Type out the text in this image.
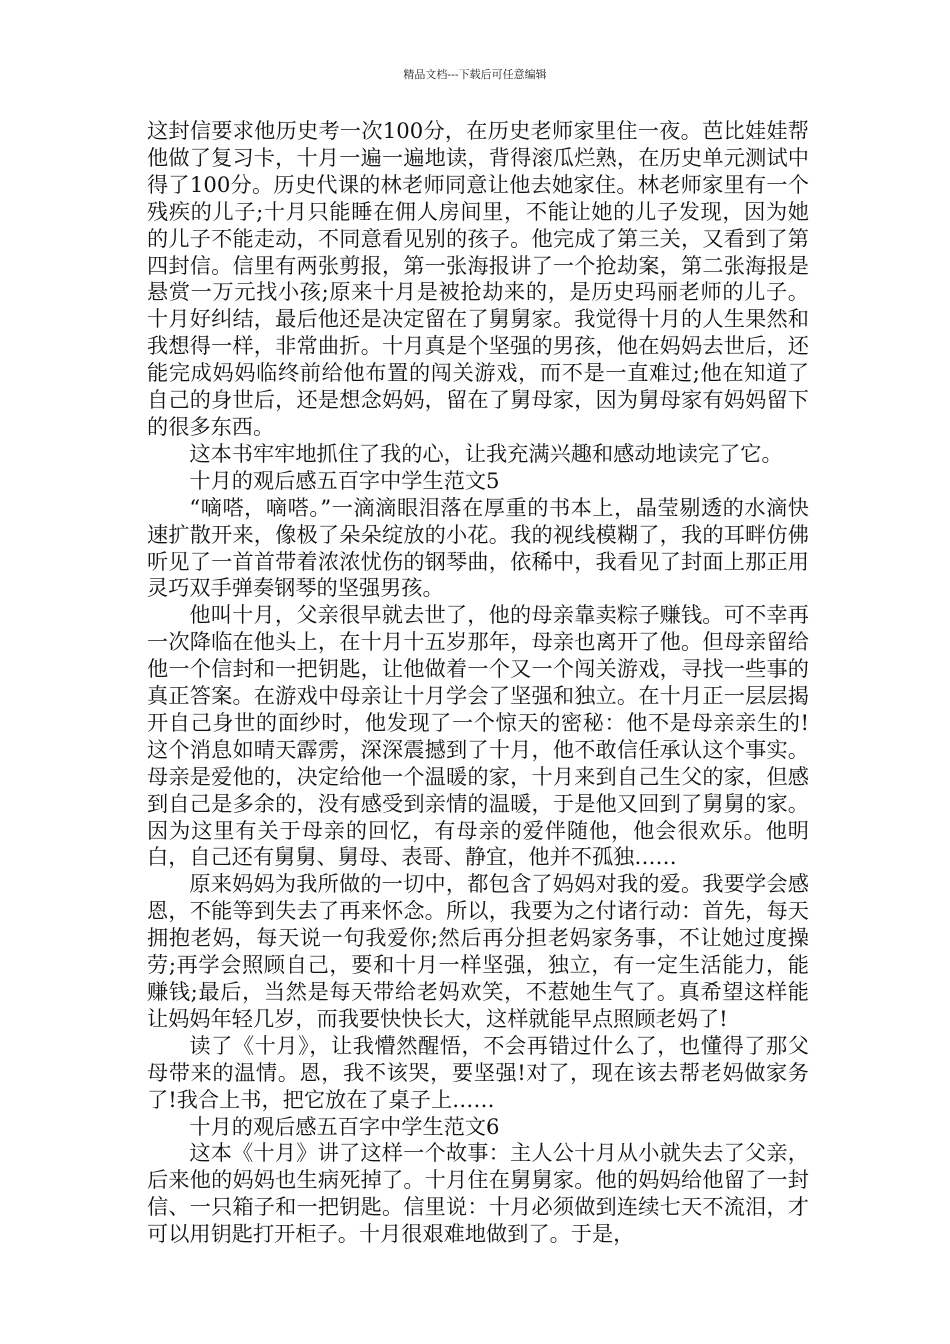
精品文档---下载后可任意编辑

这封信要求他历史考一次100分，在历史老师家里住一夜。芭比娃娃帮他做了复习卡，十月一遍一遍地读，背得滚瓜烂熟，在历史单元测试中得了100分。历史代课的林老师同意让他去她家住。林老师家里有一个残疾的儿子;十月只能睡在佣人房间里，不能让她的儿子发现，因为她的儿子不能走动，不同意看见别的孩子。他完成了第三关，又看到了第四封信。信里有两张剪报，第一张海报讲了一个抢劫案，第二张海报是悬赏一万元找小孩;原来十月是被抢劫来的，是历史玛丽老师的儿子。十月好纠结，最后他还是决定留在了舅舅家。我觉得十月的人生果然和我想得一样，非常曲折。十月真是个坚强的男孩，他在妈妈去世后，还能完成妈妈临终前给他布置的闯关游戏，而不是一直难过;他在知道了自己的身世后，还是想念妈妈，留在了舅母家，因为舅母家有妈妈留下的很多东西。

这本书牢牢地抓住了我的心，让我充满兴趣和感动地读完了它。

十月的观后感五百字中学生范文5

“嘀嗒，嘀嗒。”一滴滴眼泪落在厚重的书本上，晶莹剔透的水滴快速扩散开来，像极了朵朵绽放的小花。我的视线模糊了，我的耳畔仿佛听见了一首首带着浓浓忧伤的钢琴曲，依稀中，我看见了封面上那正用灵巧双手弹奏钢琴的坚强男孩。

他叫十月，父亲很早就去世了，他的母亲靠卖粽子赚钱。可不幸再一次降临在他头上，在十月十五岁那年，母亲也离开了他。但母亲留给他一个信封和一把钥匙，让他做着一个又一个闯关游戏，寻找一些事的真正答案。在游戏中母亲让十月学会了坚强和独立。在十月正一层层揭开自己身世的面纱时，他发现了一个惊天的密秘：他不是母亲亲生的!这个消息如晴天霹雳，深深震撼到了十月，他不敢信任承认这个事实。母亲是爱他的，决定给他一个温暖的家，十月来到自己生父的家，但感到自己是多余的，没有感受到亲情的温暖，于是他又回到了舅舅的家。因为这里有关于母亲的回忆，有母亲的爱伴随他，他会很欢乐。他明白，自己还有舅舅、舅母、表哥、静宜，他并不孤独……

原来妈妈为我所做的一切中，都包含了妈妈对我的爱。我要学会感恩，不能等到失去了再来怀念。所以，我要为之付诸行动：首先，每天拥抱老妈，每天说一句我爱你;然后再分担老妈家务事，不让她过度操劳;再学会照顾自己，要和十月一样坚强，独立，有一定生活能力，能赚钱;最后，当然是每天带给老妈欢笑，不惹她生气了。真希望这样能让妈妈年轻几岁，而我要快快长大，这样就能早点照顾老妈了!

读了《十月》，让我懵然醒悟，不会再错过什么了，也懂得了那父母带来的温情。恩，我不该哭，要坚强!对了，现在该去帮老妈做家务了!我合上书，把它放在了桌子上……

十月的观后感五百字中学生范文6

这本《十月》讲了这样一个故事：主人公十月从小就失去了父亲，后来他的妈妈也生病死掉了。十月住在舅舅家。他的妈妈给他留了一封信、一只箱子和一把钥匙。信里说：十月必须做到连续七天不流泪，才可以用钥匙打开柜子。十月很艰难地做到了。于是，
